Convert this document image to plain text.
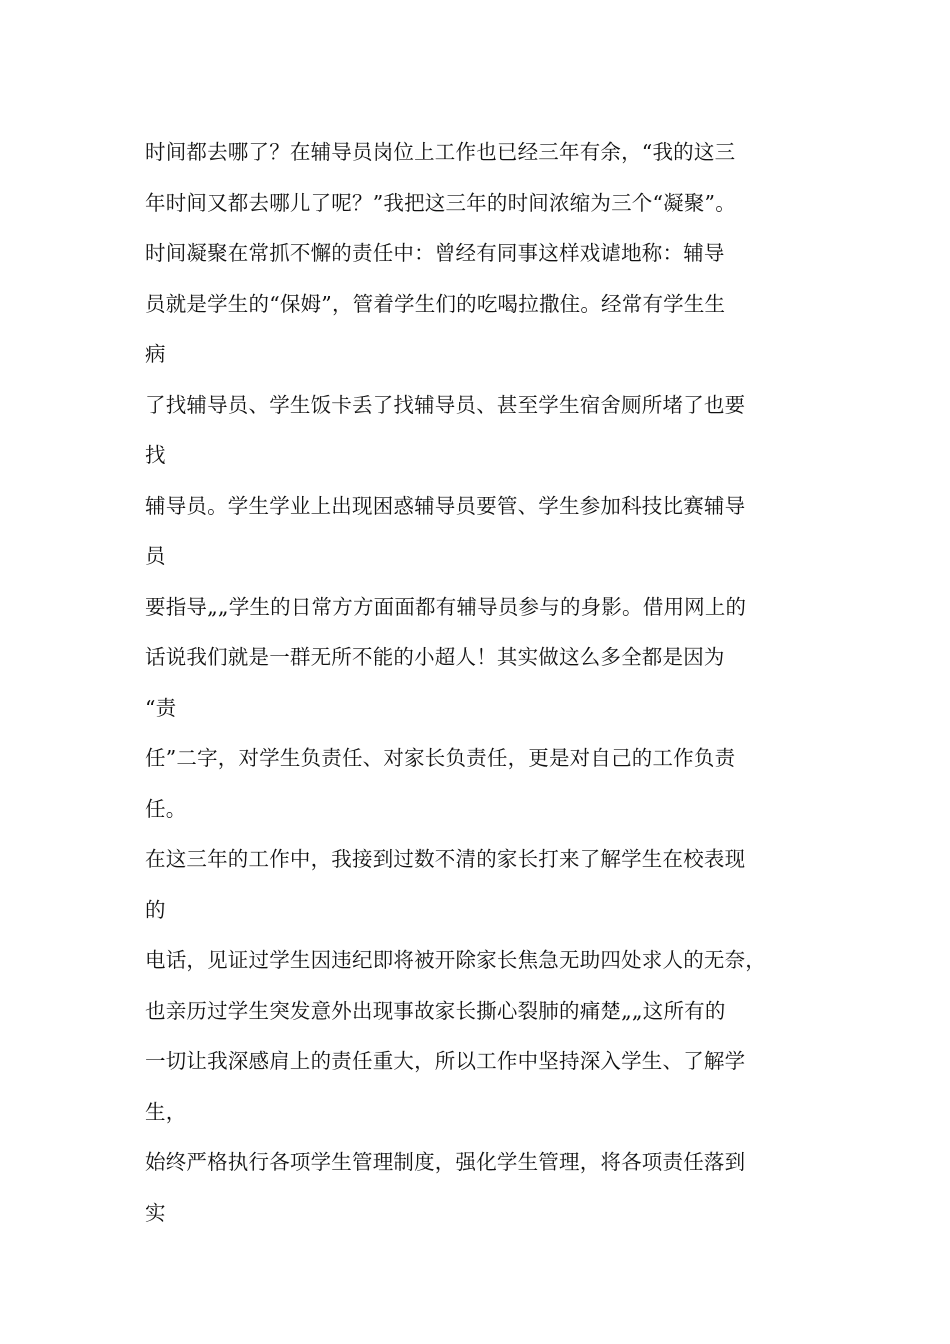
时间都去哪了？在辅导员岗位上工作也已经三年有余，“我的这三
年时间又都去哪儿了呢？”我把这三年的时间浓缩为三个“凝聚”。
时间凝聚在常抓不懈的责任中：曾经有同事这样戏谑地称：辅导
员就是学生的“保姆”，管着学生们的吃喝拉撒住。经常有学生生
病
了找辅导员、学生饭卡丢了找辅导员、甚至学生宿舍厕所堵了也要
找
辅导员。学生学业上出现困惑辅导员要管、学生参加科技比赛辅导
员
要指导„„学生的日常方方面面都有辅导员参与的身影。借用网上的
话说我们就是一群无所不能的小超人！其实做这么多全都是因为
“责
任”二字，对学生负责任、对家长负责任，更是对自己的工作负责
任。
在这三年的工作中，我接到过数不清的家长打来了解学生在校表现
的
电话，见证过学生因违纪即将被开除家长焦急无助四处求人的无奈，
也亲历过学生突发意外出现事故家长撕心裂肺的痛楚„„这所有的
一切让我深感肩上的责任重大，所以工作中坚持深入学生、了解学
生，
始终严格执行各项学生管理制度，强化学生管理，将各项责任落到
实
